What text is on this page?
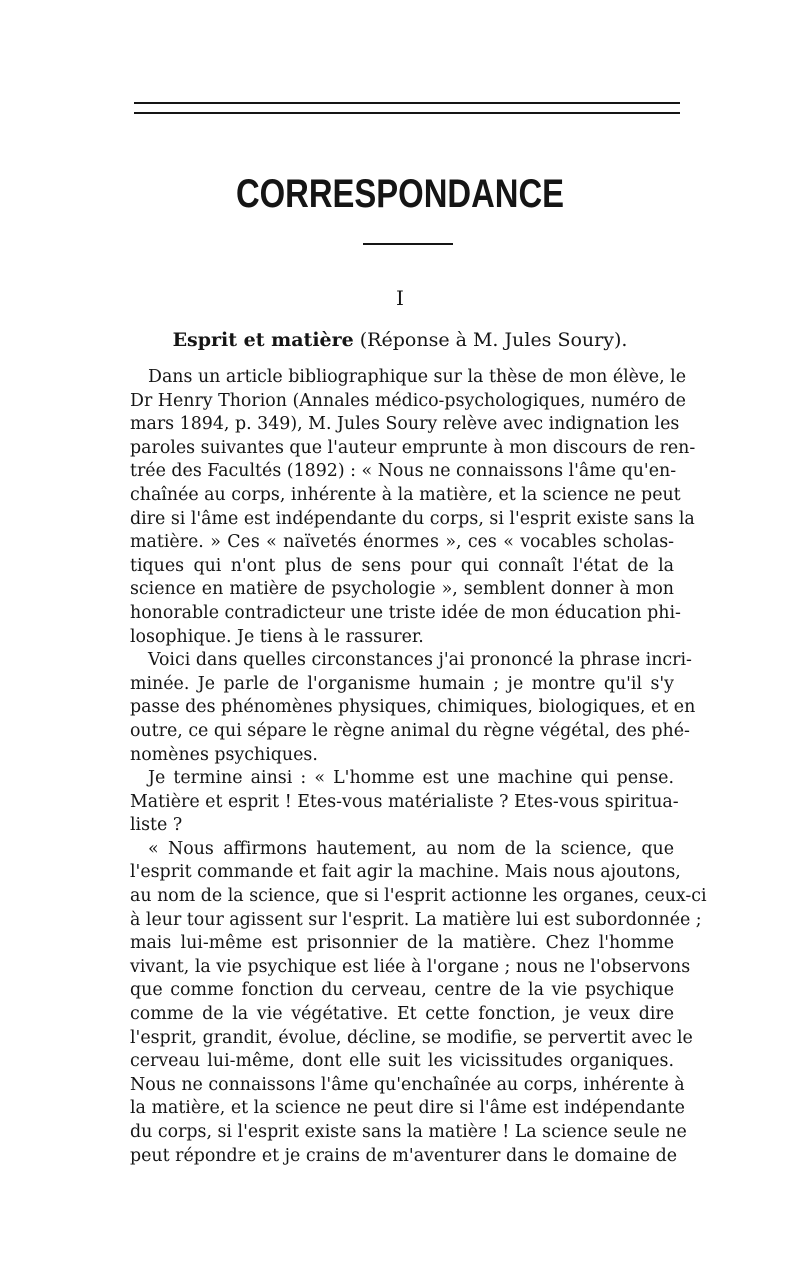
CORRESPONDANCE
I
Esprit et matière (Réponse à M. Jules Soury).
Dans un article bibliographique sur la thèse de mon élève, le
Dr Henry Thorion (Annales médico-psychologiques, numéro de
mars 1894, p. 349), M. Jules Soury relève avec indignation les
paroles suivantes que l'auteur emprunte à mon discours de ren-
trée des Facultés (1892) : « Nous ne connaissons l'âme qu'en-
chaînée au corps, inhérente à la matière, et la science ne peut
dire si l'âme est indépendante du corps, si l'esprit existe sans la
matière. » Ces « naïvetés énormes », ces « vocables scholas-
tiques qui n'ont plus de sens pour qui connaît l'état de la
science en matière de psychologie », semblent donner à mon
honorable contradicteur une triste idée de mon éducation phi-
losophique. Je tiens à le rassurer.
Voici dans quelles circonstances j'ai prononcé la phrase incri-
minée. Je parle de l'organisme humain ; je montre qu'il s'y
passe des phénomènes physiques, chimiques, biologiques, et en
outre, ce qui sépare le règne animal du règne végétal, des phé-
nomènes psychiques.
Je termine ainsi : « L'homme est une machine qui pense.
Matière et esprit ! Etes-vous matérialiste ? Etes-vous spiritua-
liste ?
« Nous affirmons hautement, au nom de la science, que
l'esprit commande et fait agir la machine. Mais nous ajoutons,
au nom de la science, que si l'esprit actionne les organes, ceux-ci
à leur tour agissent sur l'esprit. La matière lui est subordonnée ;
mais lui-même est prisonnier de la matière. Chez l'homme
vivant, la vie psychique est liée à l'organe ; nous ne l'observons
que comme fonction du cerveau, centre de la vie psychique
comme de la vie végétative. Et cette fonction, je veux dire
l'esprit, grandit, évolue, décline, se modifie, se pervertit avec le
cerveau lui-même, dont elle suit les vicissitudes organiques.
Nous ne connaissons l'âme qu'enchaînée au corps, inhérente à
la matière, et la science ne peut dire si l'âme est indépendante
du corps, si l'esprit existe sans la matière ! La science seule ne
peut répondre et je crains de m'aventurer dans le domaine de
